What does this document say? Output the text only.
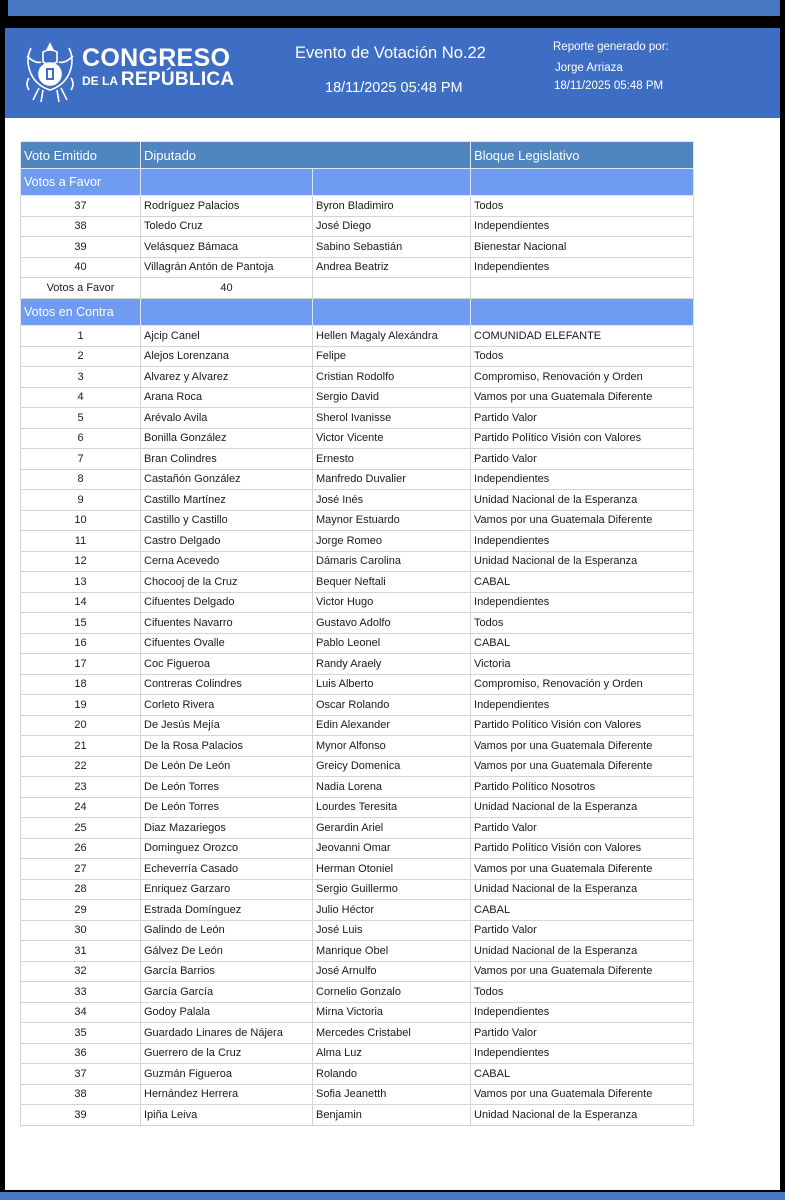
CONGRESO
DE LA REPÚBLICA
Evento de Votación No.22
18/11/2025 05:48 PM
Reporte generado por:
Jorge Arriaza
18/11/2025 05:48 PM
Voto Emitido	Diputado		Bloque Legislativo
Votos a Favor			
37	Rodríguez Palacios	Byron Bladimiro	Todos
38	Toledo Cruz	José Diego	Independientes
39	Velásquez Bámaca	Sabino Sebastián	Bienestar Nacional
40	Villagrán Antón de Pantoja	Andrea Beatriz	Independientes
Votos a Favor	40		
Votos en Contra			
1	Ajcip Canel	Hellen Magaly Alexándra	COMUNIDAD ELEFANTE
2	Alejos Lorenzana	Felipe	Todos
3	Alvarez y Alvarez	Cristian Rodolfo	Compromiso, Renovación y Orden
4	Arana Roca	Sergio David	Vamos por una Guatemala Diferente
5	Arévalo Avila	Sherol Ivanisse	Partido Valor
6	Bonilla González	Victor Vicente	Partido Político Visión con Valores
7	Bran Colindres	Ernesto	Partido Valor
8	Castañón González	Manfredo Duvalier	Independientes
9	Castillo Martínez	José Inés	Unidad Nacional de la Esperanza
10	Castillo y Castillo	Maynor Estuardo	Vamos por una Guatemala Diferente
11	Castro Delgado	Jorge Romeo	Independientes
12	Cerna Acevedo	Dámaris Carolina	Unidad Nacional de la Esperanza
13	Chocooj de la Cruz	Bequer Neftali	CABAL
14	Cifuentes Delgado	Victor Hugo	Independientes
15	Cifuentes Navarro	Gustavo Adolfo	Todos
16	Cifuentes Ovalle	Pablo Leonel	CABAL
17	Coc Figueroa	Randy Araely	Victoria
18	Contreras Colindres	Luis Alberto	Compromiso, Renovación y Orden
19	Corleto Rivera	Oscar Rolando	Independientes
20	De Jesús Mejía	Edin Alexander	Partido Político Visión con Valores
21	De la Rosa Palacios	Mynor Alfonso	Vamos por una Guatemala Diferente
22	De León De León	Greicy Domenica	Vamos por una Guatemala Diferente
23	De León Torres	Nadia Lorena	Partido Político Nosotros
24	De León Torres	Lourdes Teresita	Unidad Nacional de la Esperanza
25	Diaz Mazariegos	Gerardin Ariel	Partido Valor
26	Dominguez Orozco	Jeovanni Omar	Partido Político Visión con Valores
27	Echeverría Casado	Herman Otoniel	Vamos por una Guatemala Diferente
28	Enriquez Garzaro	Sergio Guillermo	Unidad Nacional de la Esperanza
29	Estrada Domínguez	Julio Héctor	CABAL
30	Galindo de León	José Luis	Partido Valor
31	Gálvez De León	Manrique Obel	Unidad Nacional de la Esperanza
32	García Barrios	José Arnulfo	Vamos por una Guatemala Diferente
33	García García	Cornelio Gonzalo	Todos
34	Godoy Palala	Mirna Victoria	Independientes
35	Guardado Linares de Nájera	Mercedes Cristabel	Partido Valor
36	Guerrero de la Cruz	Alma Luz	Independientes
37	Guzmán Figueroa	Rolando	CABAL
38	Hernández Herrera	Sofia Jeanetth	Vamos por una Guatemala Diferente
39	Ipiña Leiva	Benjamin	Unidad Nacional de la Esperanza
